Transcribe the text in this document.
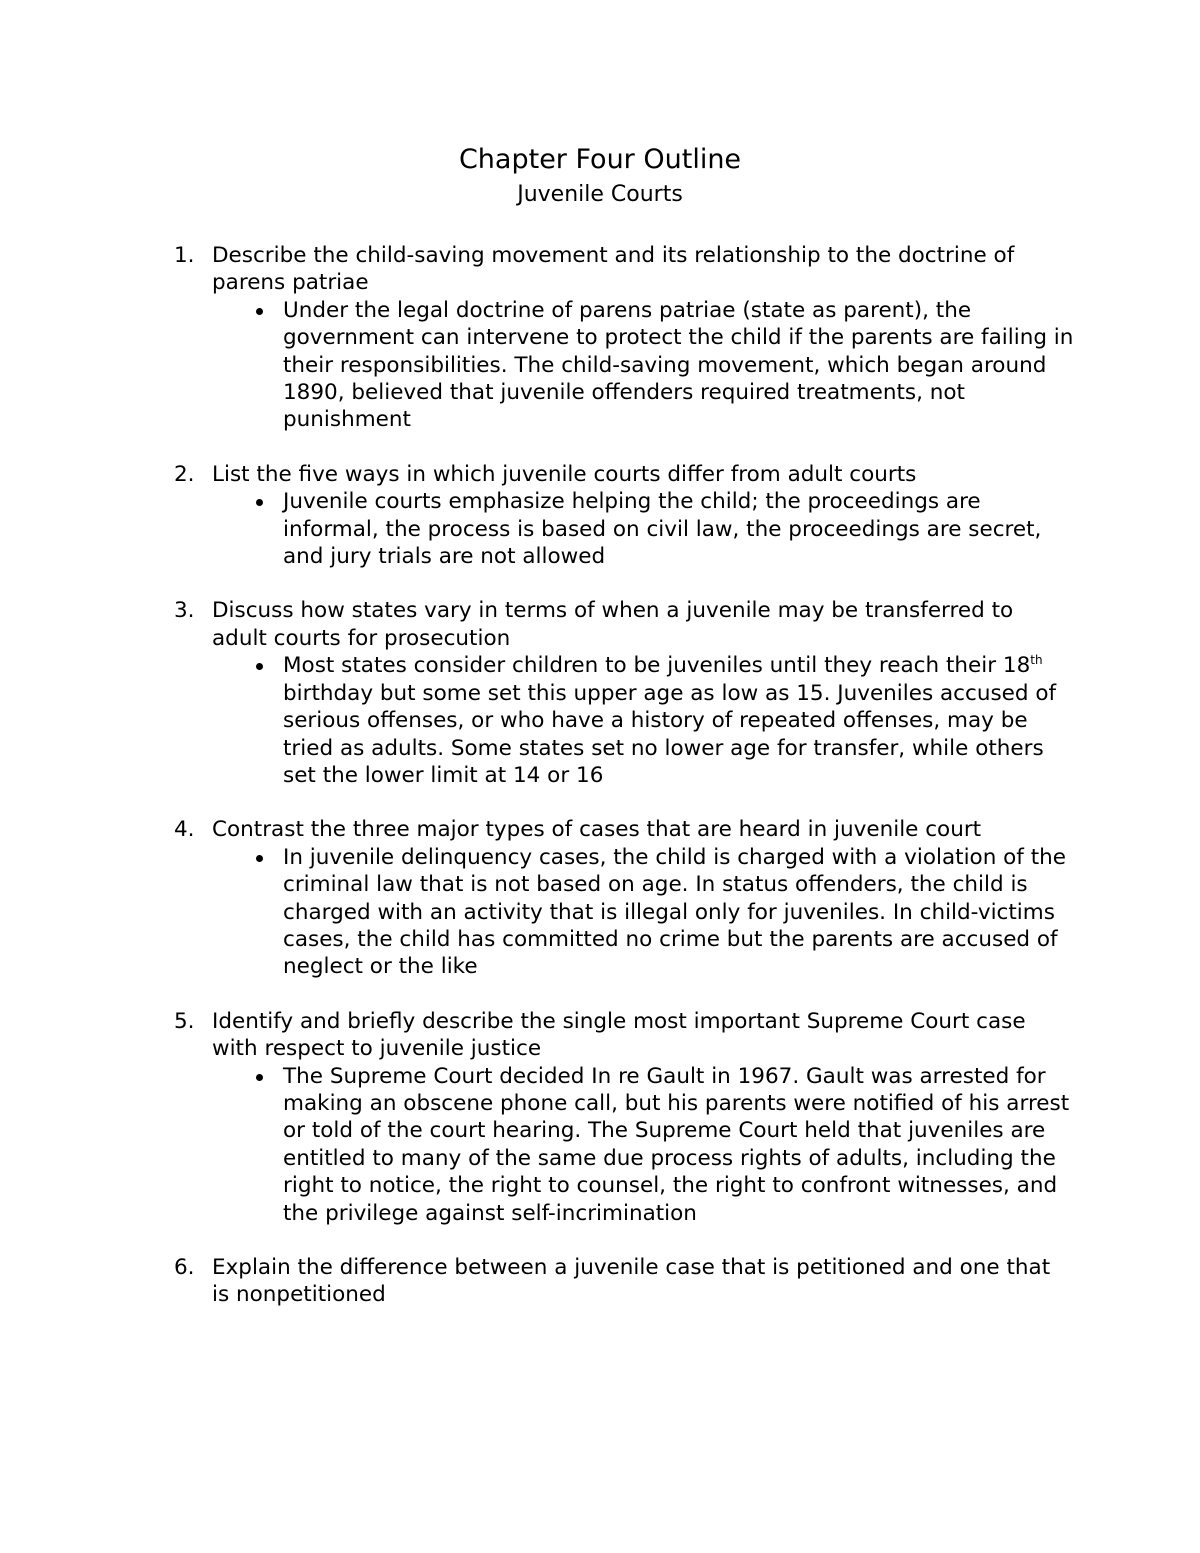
Chapter Four Outline
Juvenile Courts
1. Describe the child-saving movement and its relationship to the doctrine of parens patriae
Under the legal doctrine of parens patriae (state as parent), the government can intervene to protect the child if the parents are failing in their responsibilities. The child-saving movement, which began around 1890, believed that juvenile offenders required treatments, not punishment
2. List the five ways in which juvenile courts differ from adult courts
Juvenile courts emphasize helping the child; the proceedings are informal, the process is based on civil law, the proceedings are secret, and jury trials are not allowed
3. Discuss how states vary in terms of when a juvenile may be transferred to adult courts for prosecution
Most states consider children to be juveniles until they reach their 18th birthday but some set this upper age as low as 15. Juveniles accused of serious offenses, or who have a history of repeated offenses, may be tried as adults. Some states set no lower age for transfer, while others set the lower limit at 14 or 16
4. Contrast the three major types of cases that are heard in juvenile court
In juvenile delinquency cases, the child is charged with a violation of the criminal law that is not based on age. In status offenders, the child is charged with an activity that is illegal only for juveniles. In child-victims cases, the child has committed no crime but the parents are accused of neglect or the like
5. Identify and briefly describe the single most important Supreme Court case with respect to juvenile justice
The Supreme Court decided In re Gault in 1967. Gault was arrested for making an obscene phone call, but his parents were notified of his arrest or told of the court hearing. The Supreme Court held that juveniles are entitled to many of the same due process rights of adults, including the right to notice, the right to counsel, the right to confront witnesses, and the privilege against self-incrimination
6. Explain the difference between a juvenile case that is petitioned and one that is nonpetitioned
